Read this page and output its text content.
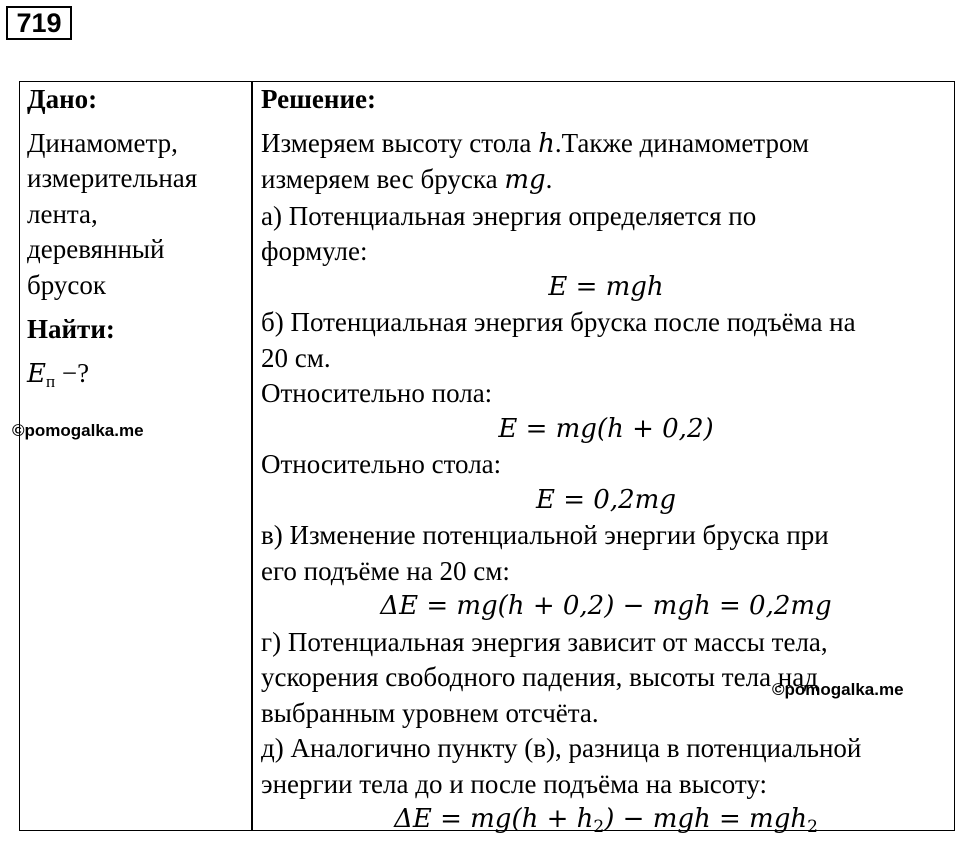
719
Дано:
Динамометр,
измерительная
лента,
деревянный
брусок
Найти:
$E_п$ −?
Решение:
Измеряем высоту стола h.Также динамометром
измеряем вес бруска mg.
а) Потенциальная энергия определяется по
формуле:
E = mgh
б) Потенциальная энергия бруска после подъёма на
20 см.
Относительно пола:
E = mg(h + 0,2)
Относительно стола:
E = 0,2mg
в) Изменение потенциальной энергии бруска при
его подъёме на 20 см:
ΔE = mg(h + 0,2) − mgh = 0,2mg
г) Потенциальная энергия зависит от массы тела,
ускорения свободного падения, высоты тела над
выбранным уровнем отсчёта.
д) Аналогично пункту (в), разница в потенциальной
энергии тела до и после подъёма на высоту:
$\Delta E = mg(h + h_2)$ − mgh = mgh$_2$
©pomogalka.me
©pomogalka.me
